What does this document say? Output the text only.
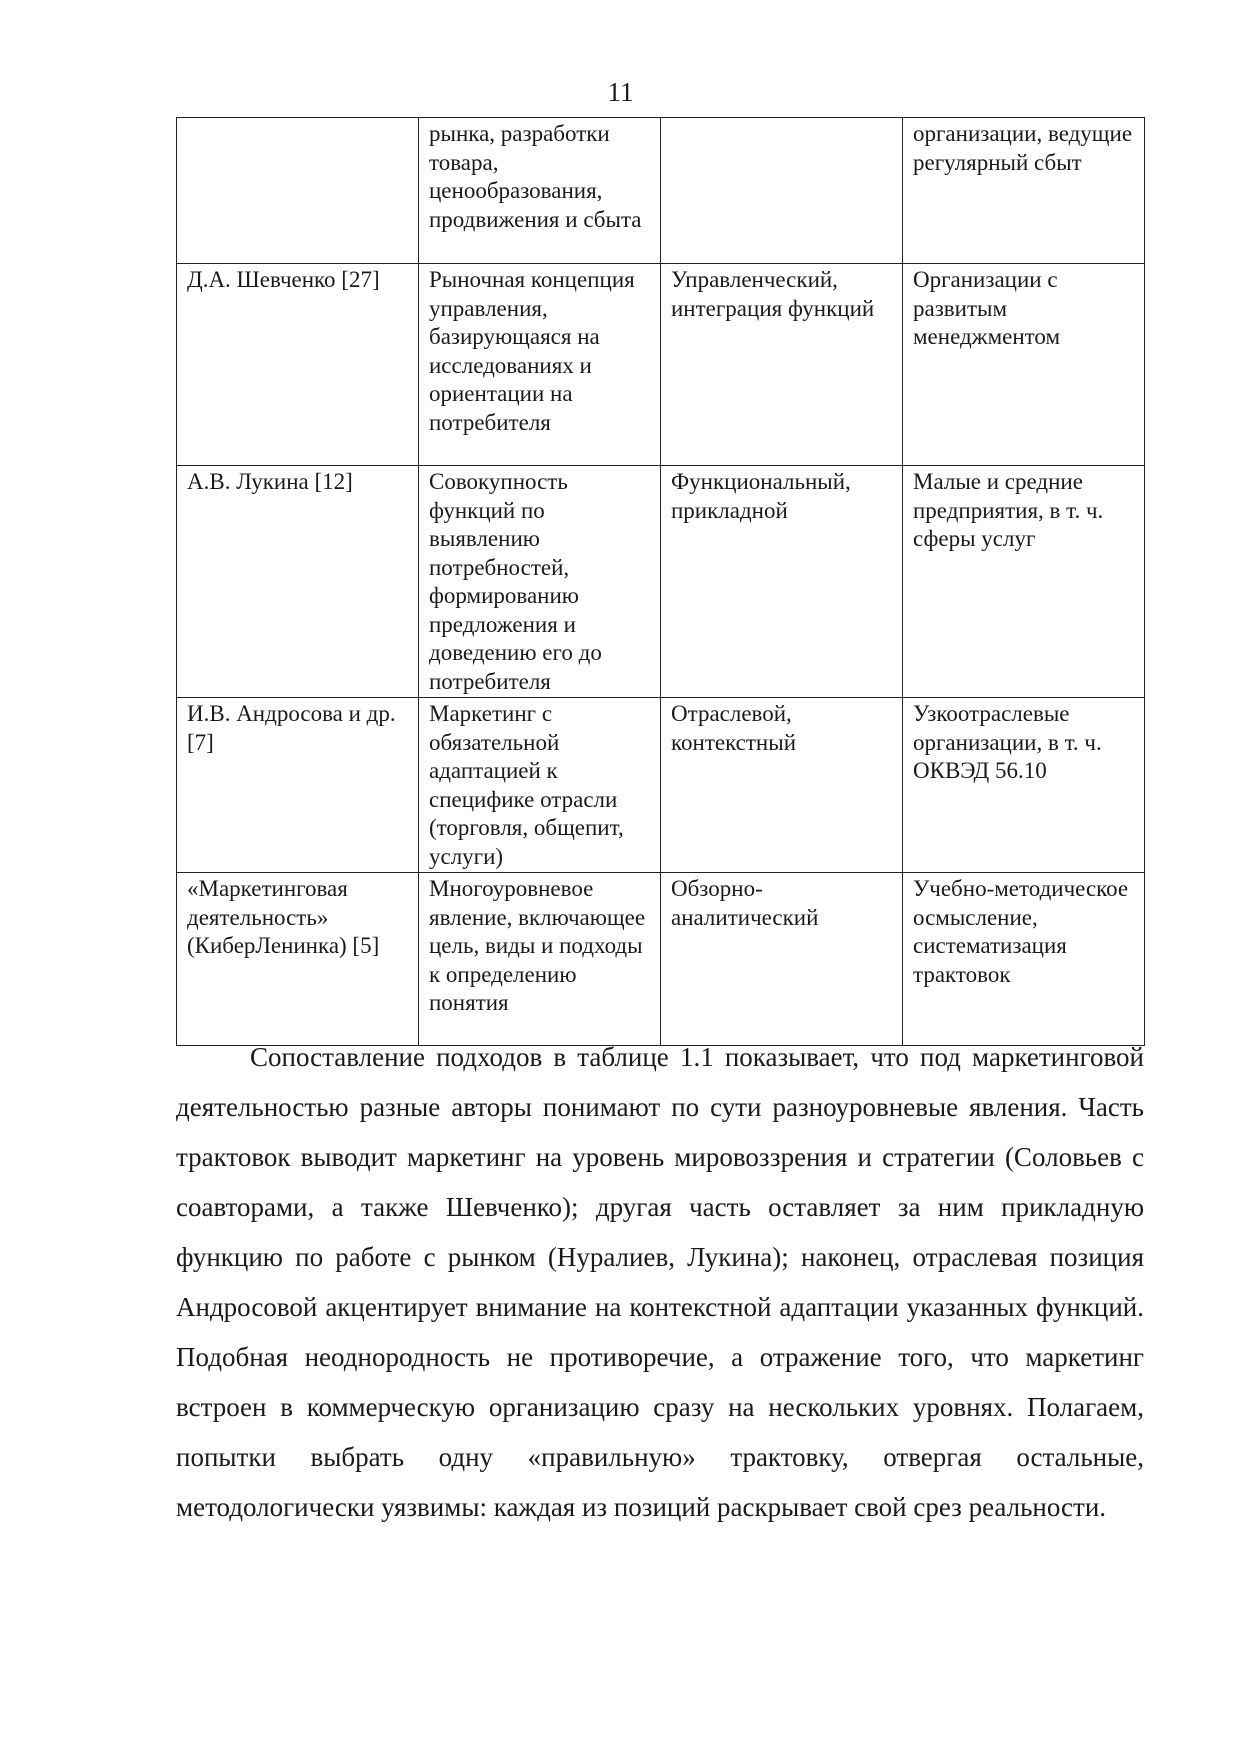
11

	рынка, разработки товара, ценообразования, продвижения и сбыта		организации, ведущие регулярный сбыт

Д.А. Шевченко [27]	Рыночная концепция управления, базирующаяся на исследованиях и ориентации на потребителя	Управленческий, интеграция функций	Организации с развитым менеджментом

А.В. Лукина [12]	Совокупность функций по выявлению потребностей, формированию предложения и доведению его до потребителя	Функциональный, прикладной	Малые и средние предприятия, в т. ч. сферы услуг

И.В. Андросова и др. [7]	Маркетинг с обязательной адаптацией к специфике отрасли (торговля, общепит, услуги)	Отраслевой, контекстный	Узкоотраслевые организации, в т. ч. ОКВЭД 56.10

«Маркетинговая деятельность» (КиберЛенинка) [5]	Многоуровневое явление, включающее цель, виды и подходы к определению понятия	Обзорно-аналитический	Учебно-методическое осмысление, систематизация трактовок

Сопоставление подходов в таблице 1.1 показывает, что под маркетинговой деятельностью разные авторы понимают по сути разноуровневые явления. Часть трактовок выводит маркетинг на уровень мировоззрения и стратегии (Соловьев с соавторами, а также Шевченко); другая часть оставляет за ним прикладную функцию по работе с рынком (Нуралиев, Лукина); наконец, отраслевая позиция Андросовой акцентирует внимание на контекстной адаптации указанных функций. Подобная неоднородность не противоречие, а отражение того, что маркетинг встроен в коммерческую организацию сразу на нескольких уровнях. Полагаем, попытки выбрать одну «правильную» трактовку, отвергая остальные, методологически уязвимы: каждая из позиций раскрывает свой срез реальности.
